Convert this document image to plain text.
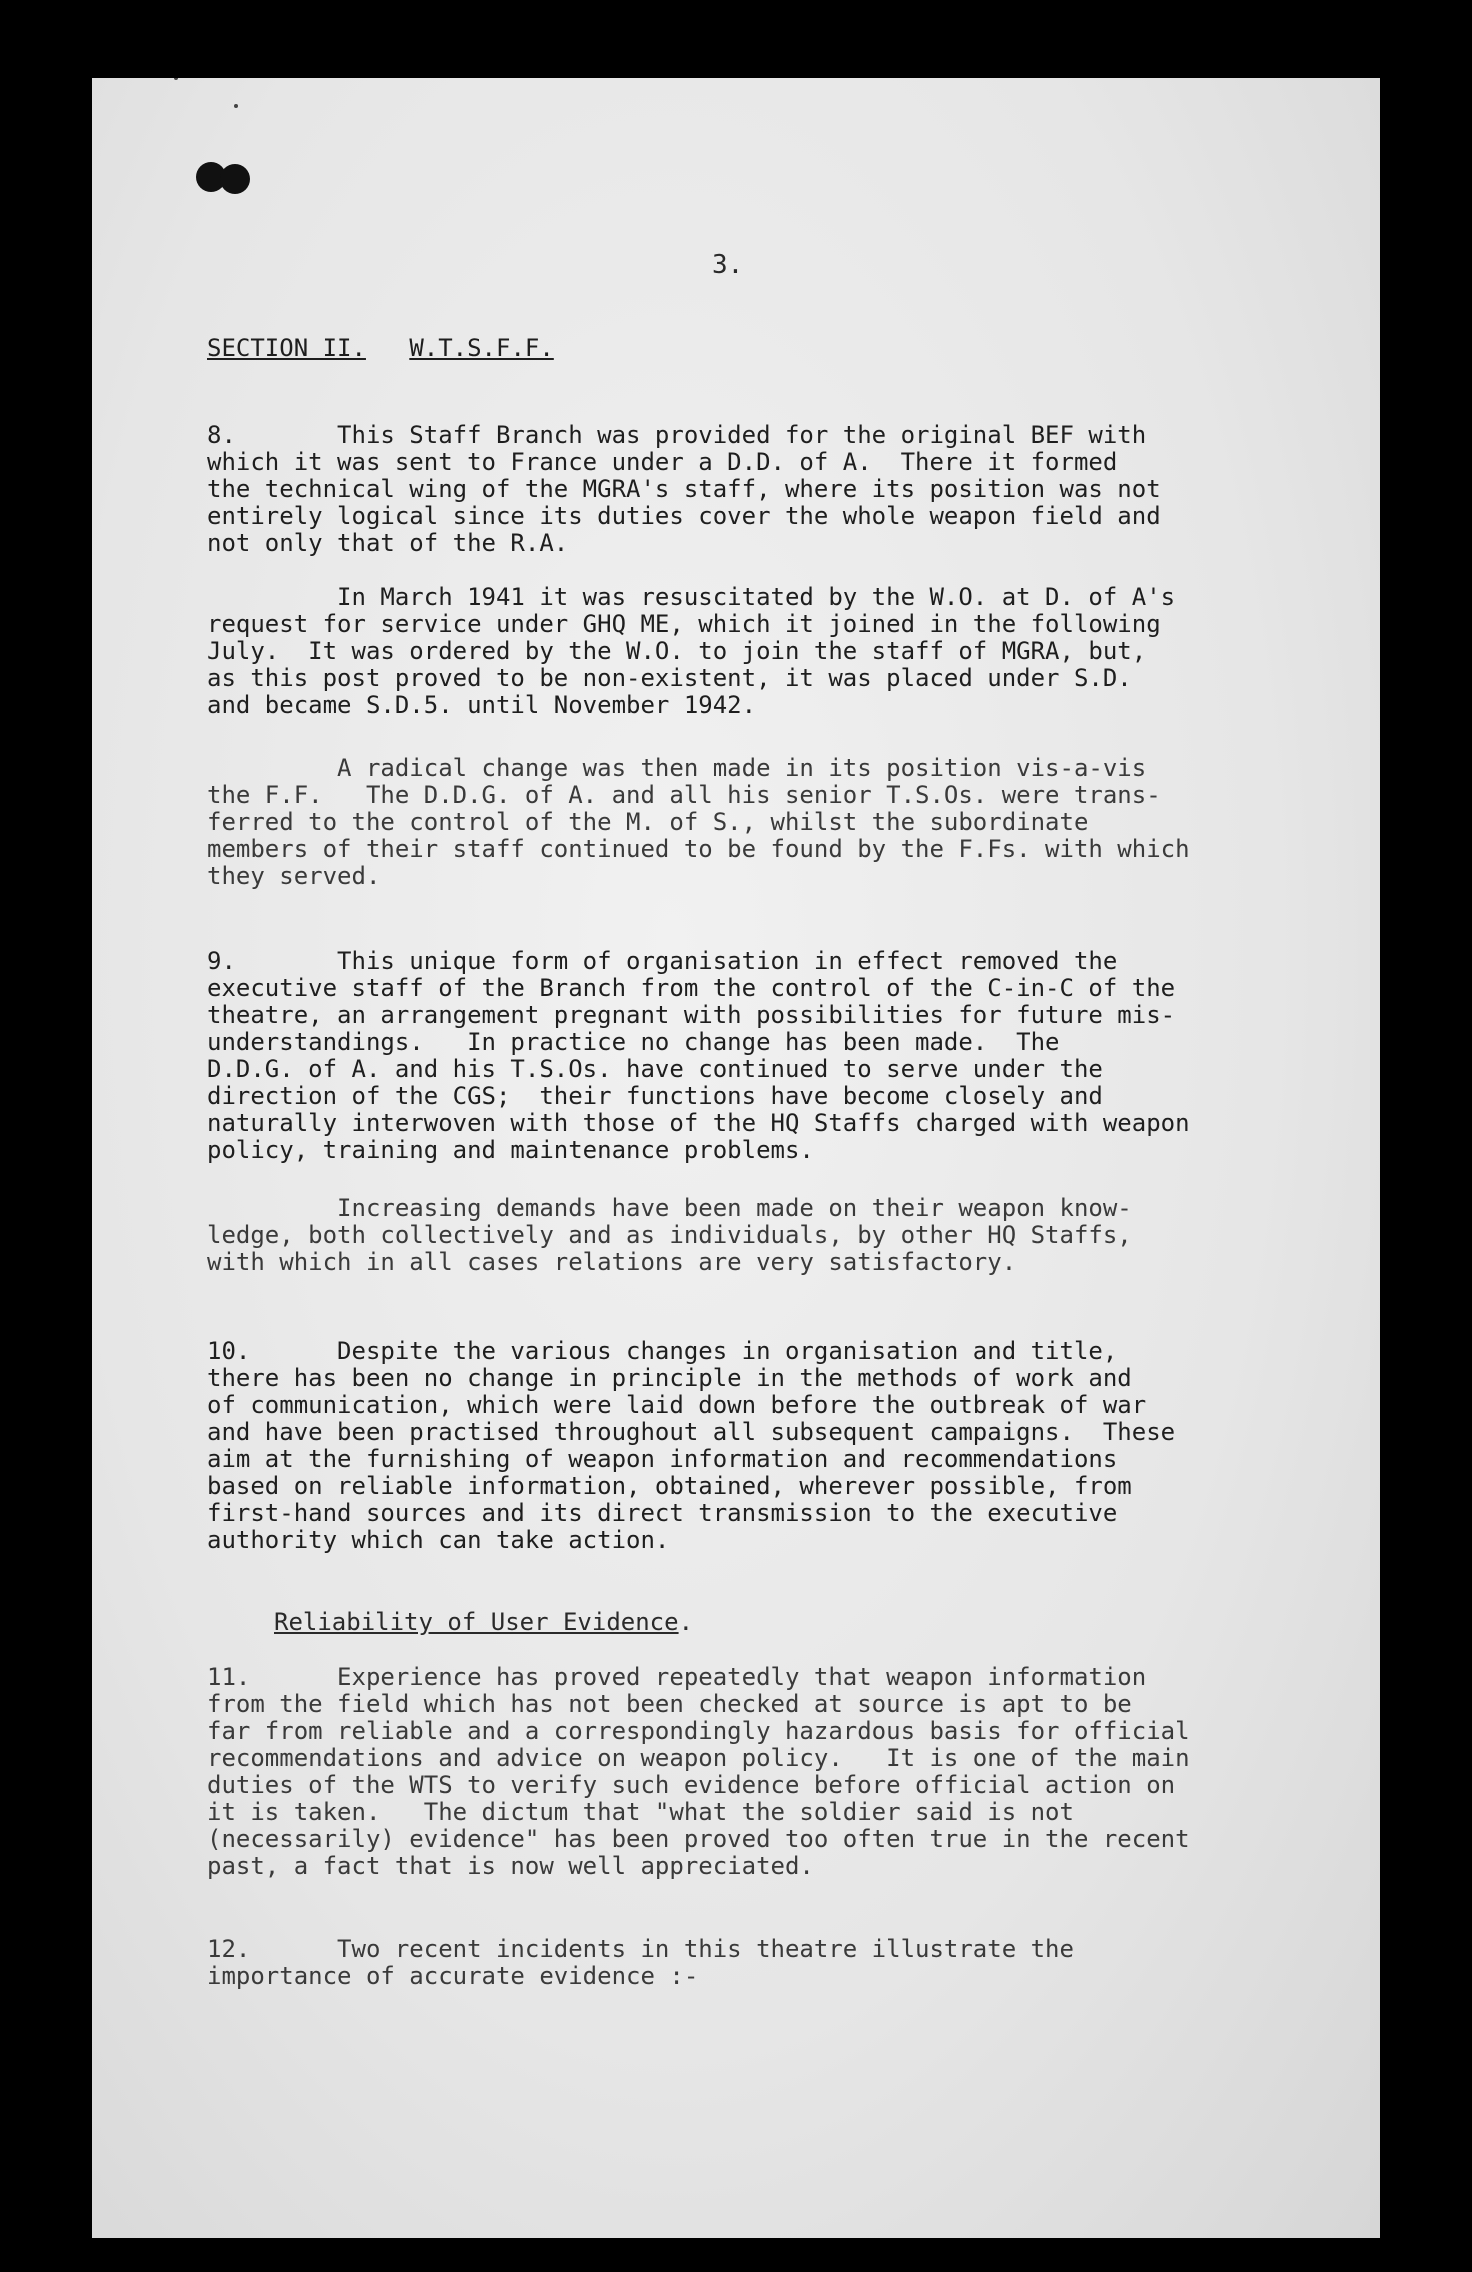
3.
SECTION II. W.T.S.F.F.
8.       This Staff Branch was provided for the original BEF with
which it was sent to France under a D.D. of A.  There it formed
the technical wing of the MGRA's staff, where its position was not
entirely logical since its duties cover the whole weapon field and
not only that of the R.A.
In March 1941 it was resuscitated by the W.O. at D. of A's
request for service under GHQ ME, which it joined in the following
July.  It was ordered by the W.O. to join the staff of MGRA, but,
as this post proved to be non-existent, it was placed under S.D.
and became S.D.5. until November 1942.
A radical change was then made in its position vis-a-vis
the F.F.   The D.D.G. of A. and all his senior T.S.Os. were trans-
ferred to the control of the M. of S., whilst the subordinate
members of their staff continued to be found by the F.Fs. with which
they served.
9.       This unique form of organisation in effect removed the
executive staff of the Branch from the control of the C-in-C of the
theatre, an arrangement pregnant with possibilities for future mis-
understandings.   In practice no change has been made.  The
D.D.G. of A. and his T.S.Os. have continued to serve under the
direction of the CGS;  their functions have become closely and
naturally interwoven with those of the HQ Staffs charged with weapon
policy, training and maintenance problems.
Increasing demands have been made on their weapon know-
ledge, both collectively and as individuals, by other HQ Staffs,
with which in all cases relations are very satisfactory.
10.      Despite the various changes in organisation and title,
there has been no change in principle in the methods of work and
of communication, which were laid down before the outbreak of war
and have been practised throughout all subsequent campaigns.  These
aim at the furnishing of weapon information and recommendations
based on reliable information, obtained, wherever possible, from
first-hand sources and its direct transmission to the executive
authority which can take action.
Reliability of User Evidence.
11.      Experience has proved repeatedly that weapon information
from the field which has not been checked at source is apt to be
far from reliable and a correspondingly hazardous basis for official
recommendations and advice on weapon policy.   It is one of the main
duties of the WTS to verify such evidence before official action on
it is taken.   The dictum that "what the soldier said is not
(necessarily) evidence" has been proved too often true in the recent
past, a fact that is now well appreciated.
12.      Two recent incidents in this theatre illustrate the
importance of accurate evidence :-
